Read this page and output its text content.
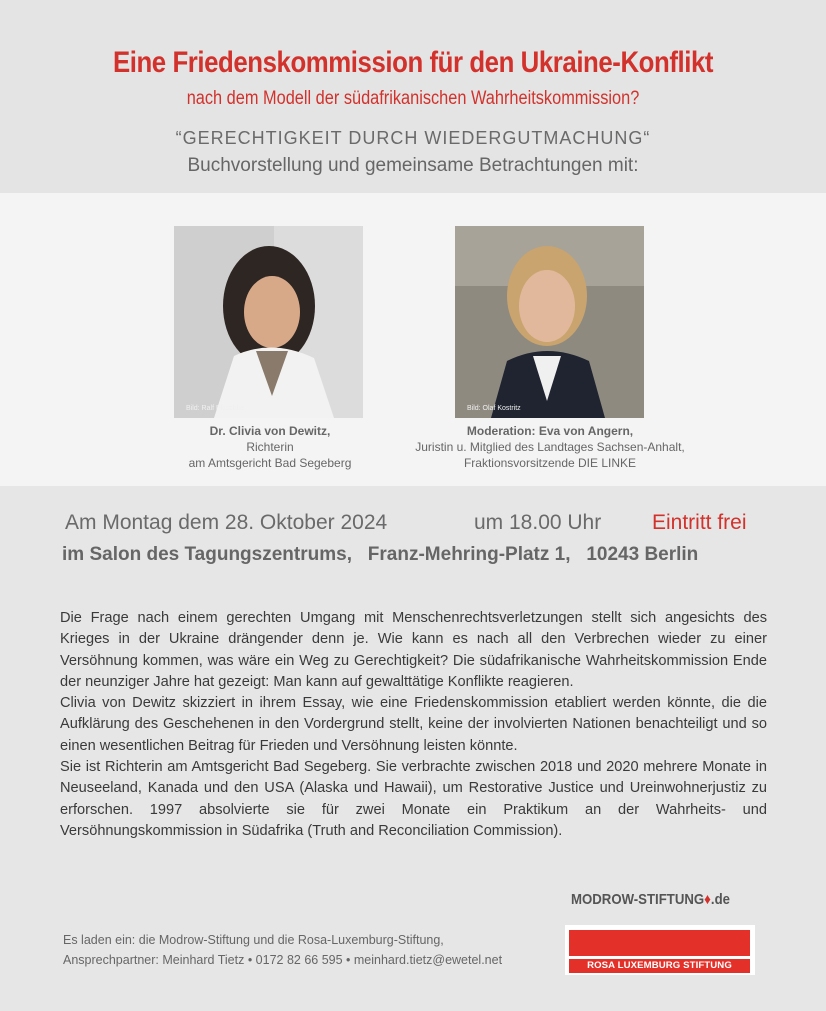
Eine Friedenskommission für den Ukraine-Konflikt
nach dem Modell der südafrikanischen Wahrheitskommission?
“GERECHTIGKEIT DURCH WIEDERGUTMACHUNG“
Buchvorstellung und gemeinsame Betrachtungen mit:
Bild: Ralf Pkischke	Bild: Olaf Kostritz
Dr. Clivia von Dewitz,
Richterin
am Amtsgericht Bad Segeberg
Moderation: Eva von Angern,
Juristin u. Mitglied des Landtages Sachsen-Anhalt,
Fraktionsvorsitzende DIE LINKE
Am Montag dem 28. Oktober 2024	um 18.00 Uhr Eintritt frei
im Salon des Tagungszentrums,   Franz-Mehring-Platz 1,   10243 Berlin

Die Frage nach einem gerechten Umgang mit Menschenrechtsverletzungen stellt sich angesichts des Krieges in der Ukraine drängender denn je. Wie kann es nach all den Verbrechen wieder zu einer Versöhnung kommen, was wäre ein Weg zu Gerechtigkeit? Die südafrikanische Wahrheitskommission Ende der neunziger Jahre hat gezeigt: Man kann auf gewalttätige Konflikte reagieren.

Clivia von Dewitz skizziert in ihrem Essay, wie eine Friedenskommission etabliert werden könnte, die die Aufklärung des Geschehenen in den Vordergrund stellt, keine der involvierten Nationen benachteiligt und so einen wesentlichen Beitrag für Frieden und Versöhnung leisten könnte.

Sie ist Richterin am Amtsgericht Bad Segeberg. Sie verbrachte zwischen 2018 und 2020 mehrere Monate in Neuseeland, Kanada und den USA (Alaska und Hawaii), um Restorative Justice und Ureinwohnerjustiz zu erforschen. 1997 absolvierte sie für zwei Monate ein Praktikum an der Wahrheits- und Versöhnungskommission in Südafrika (Truth and Reconciliation Commission).

Es laden ein: die Modrow-Stiftung und die Rosa-Luxemburg-Stiftung,
Ansprechpartner: Meinhard Tietz • 0172 82 66 595 • meinhard.tietz@ewetel.net
MODROW-STIFTUNG♦.de
ROSA LUXEMBURG STIFTUNG
